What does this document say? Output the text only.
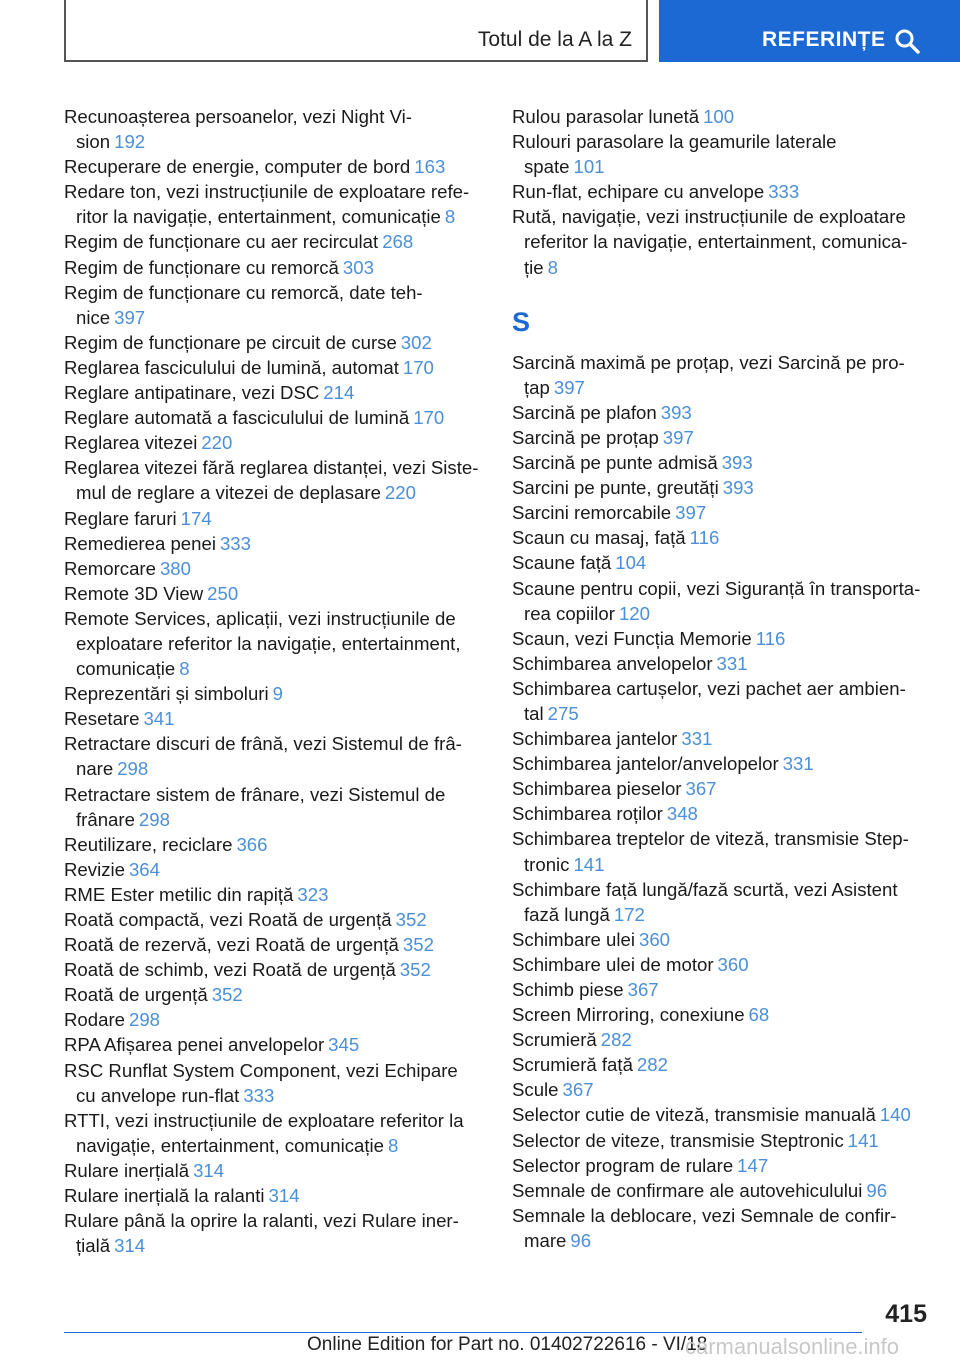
Totul de la A la Z	REFERINȚE
Recunoașterea persoanelor, vezi Night Vi-
sion 192
Recuperare de energie, computer de bord 163
Redare ton, vezi instrucțiunile de exploatare refe-
ritor la navigație, entertainment, comunicație 8
Regim de funcționare cu aer recirculat 268
Regim de funcționare cu remorcă 303
Regim de funcționare cu remorcă, date teh-
nice 397
Regim de funcționare pe circuit de curse 302
Reglarea fasciculului de lumină, automat 170
Reglare antipatinare, vezi DSC 214
Reglare automată a fasciculului de lumină 170
Reglarea vitezei 220
Reglarea vitezei fără reglarea distanței, vezi Siste-
mul de reglare a vitezei de deplasare 220
Reglare faruri 174
Remedierea penei 333
Remorcare 380
Remote 3D View 250
Remote Services, aplicații, vezi instrucțiunile de
exploatare referitor la navigație, entertainment,
comunicație 8
Reprezentări și simboluri 9
Resetare 341
Retractare discuri de frână, vezi Sistemul de frâ-
nare 298
Retractare sistem de frânare, vezi Sistemul de
frânare 298
Reutilizare, reciclare 366
Revizie 364
RME Ester metilic din rapiță 323
Roată compactă, vezi Roată de urgență 352
Roată de rezervă, vezi Roată de urgență 352
Roată de schimb, vezi Roată de urgență 352
Roată de urgență 352
Rodare 298
RPA Afișarea penei anvelopelor 345
RSC Runflat System Component, vezi Echipare
cu anvelope run-flat 333
RTTI, vezi instrucțiunile de exploatare referitor la
navigație, entertainment, comunicație 8
Rulare inerțială 314
Rulare inerțială la ralanti 314
Rulare până la oprire la ralanti, vezi Rulare iner-
țială 314
Rulou parasolar lunetă 100
Rulouri parasolare la geamurile laterale
spate 101
Run-flat, echipare cu anvelope 333
Rută, navigație, vezi instrucțiunile de exploatare
referitor la navigație, entertainment, comunica-
ție 8
S
Sarcină maximă pe proțap, vezi Sarcină pe pro-
țap 397
Sarcină pe plafon 393
Sarcină pe proțap 397
Sarcină pe punte admisă 393
Sarcini pe punte, greutăți 393
Sarcini remorcabile 397
Scaun cu masaj, față 116
Scaune față 104
Scaune pentru copii, vezi Siguranță în transporta-
rea copiilor 120
Scaun, vezi Funcția Memorie 116
Schimbarea anvelopelor 331
Schimbarea cartușelor, vezi pachet aer ambien-
tal 275
Schimbarea jantelor 331
Schimbarea jantelor/anvelopelor 331
Schimbarea pieselor 367
Schimbarea roților 348
Schimbarea treptelor de viteză, transmisie Step-
tronic 141
Schimbare față lungă/fază scurtă, vezi Asistent
fază lungă 172
Schimbare ulei 360
Schimbare ulei de motor 360
Schimb piese 367
Screen Mirroring, conexiune 68
Scrumieră 282
Scrumieră față 282
Scule 367
Selector cutie de viteză, transmisie manuală 140
Selector de viteze, transmisie Steptronic 141
Selector program de rulare 147
Semnale de confirmare ale autovehiculului 96
Semnale la deblocare, vezi Semnale de confir-
mare 96
415
Online Edition for Part no. 01402722616 - VI/18
carmanualsonline.info
